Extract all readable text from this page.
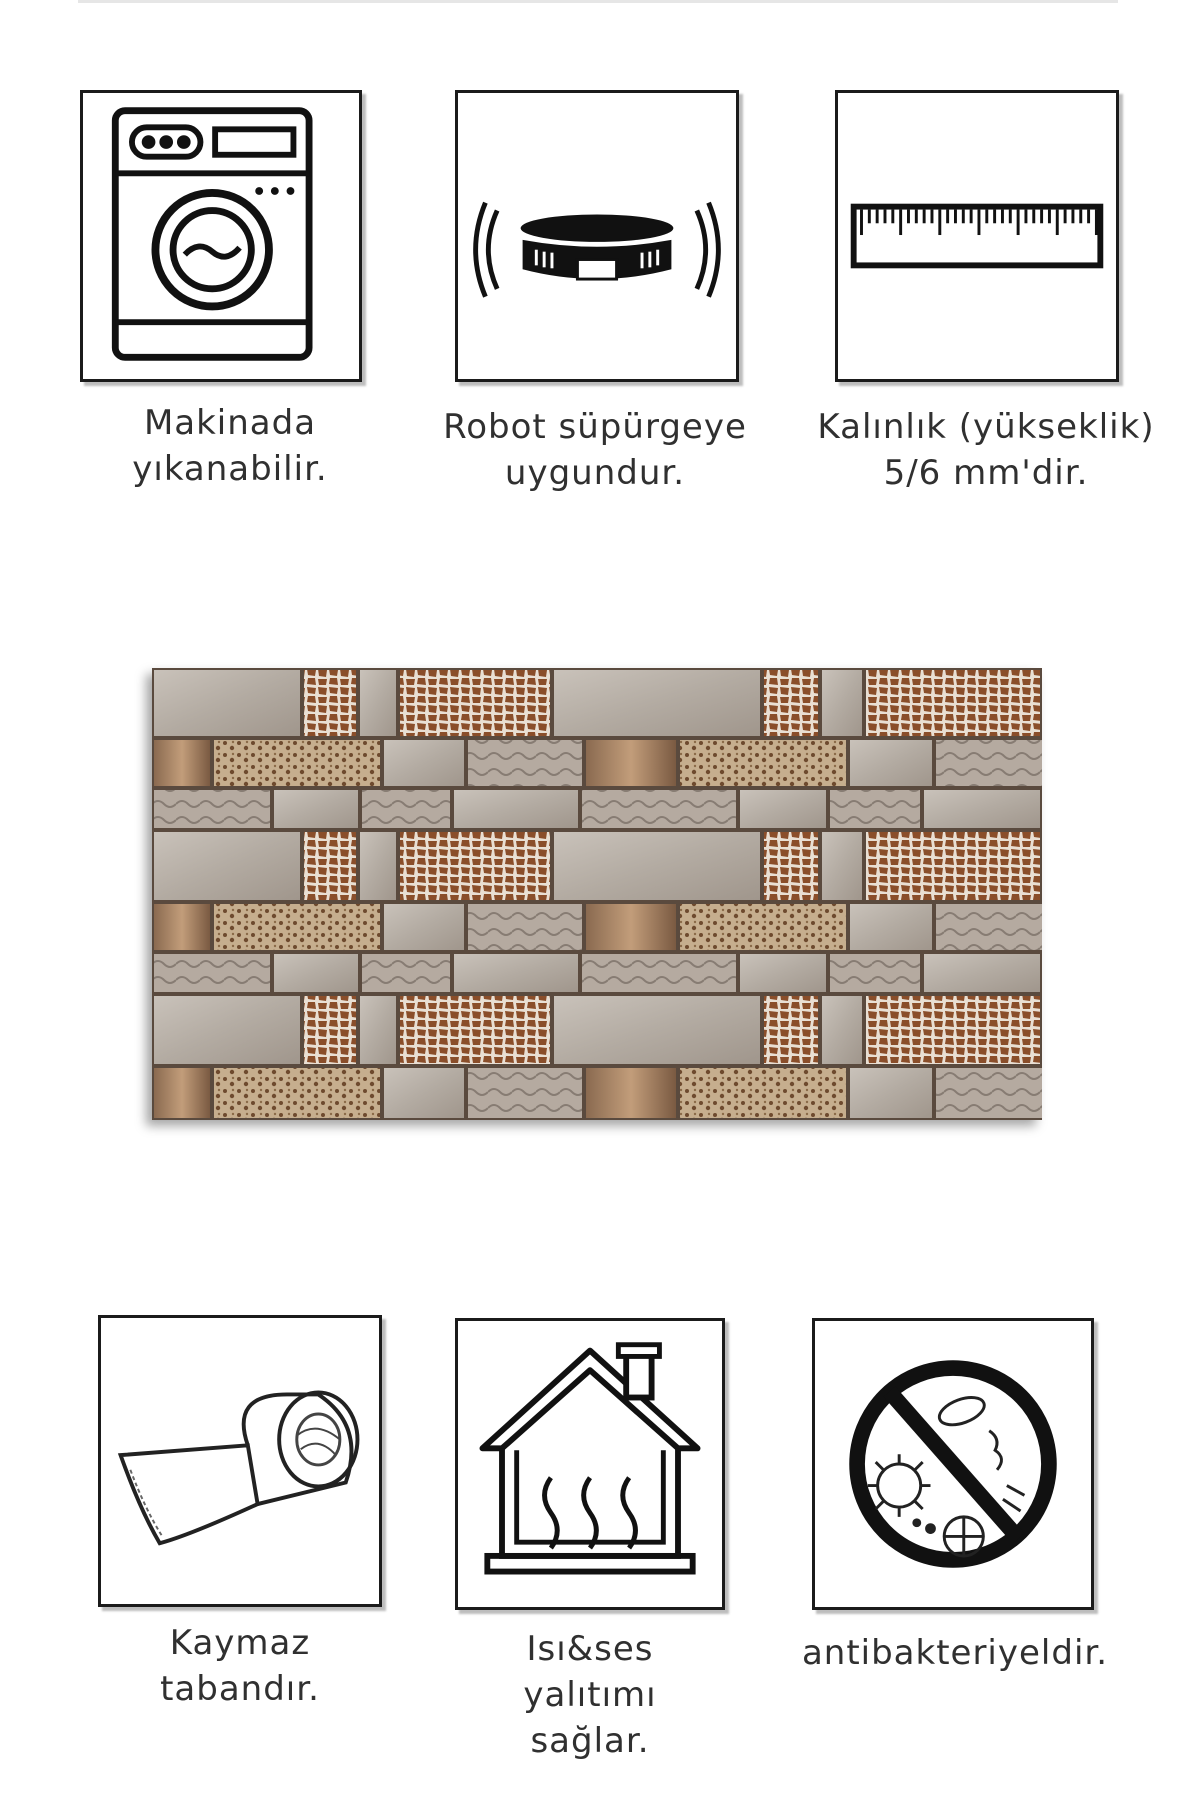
Makinada
yıkanabilir.
Robot süpürgeye
uygundur.
Kalınlık (yükseklik)
5/6 mm'dir.
Kaymaz
tabandır.
Isı&ses
yalıtımı
sağlar.
antibakteriyeldir.
